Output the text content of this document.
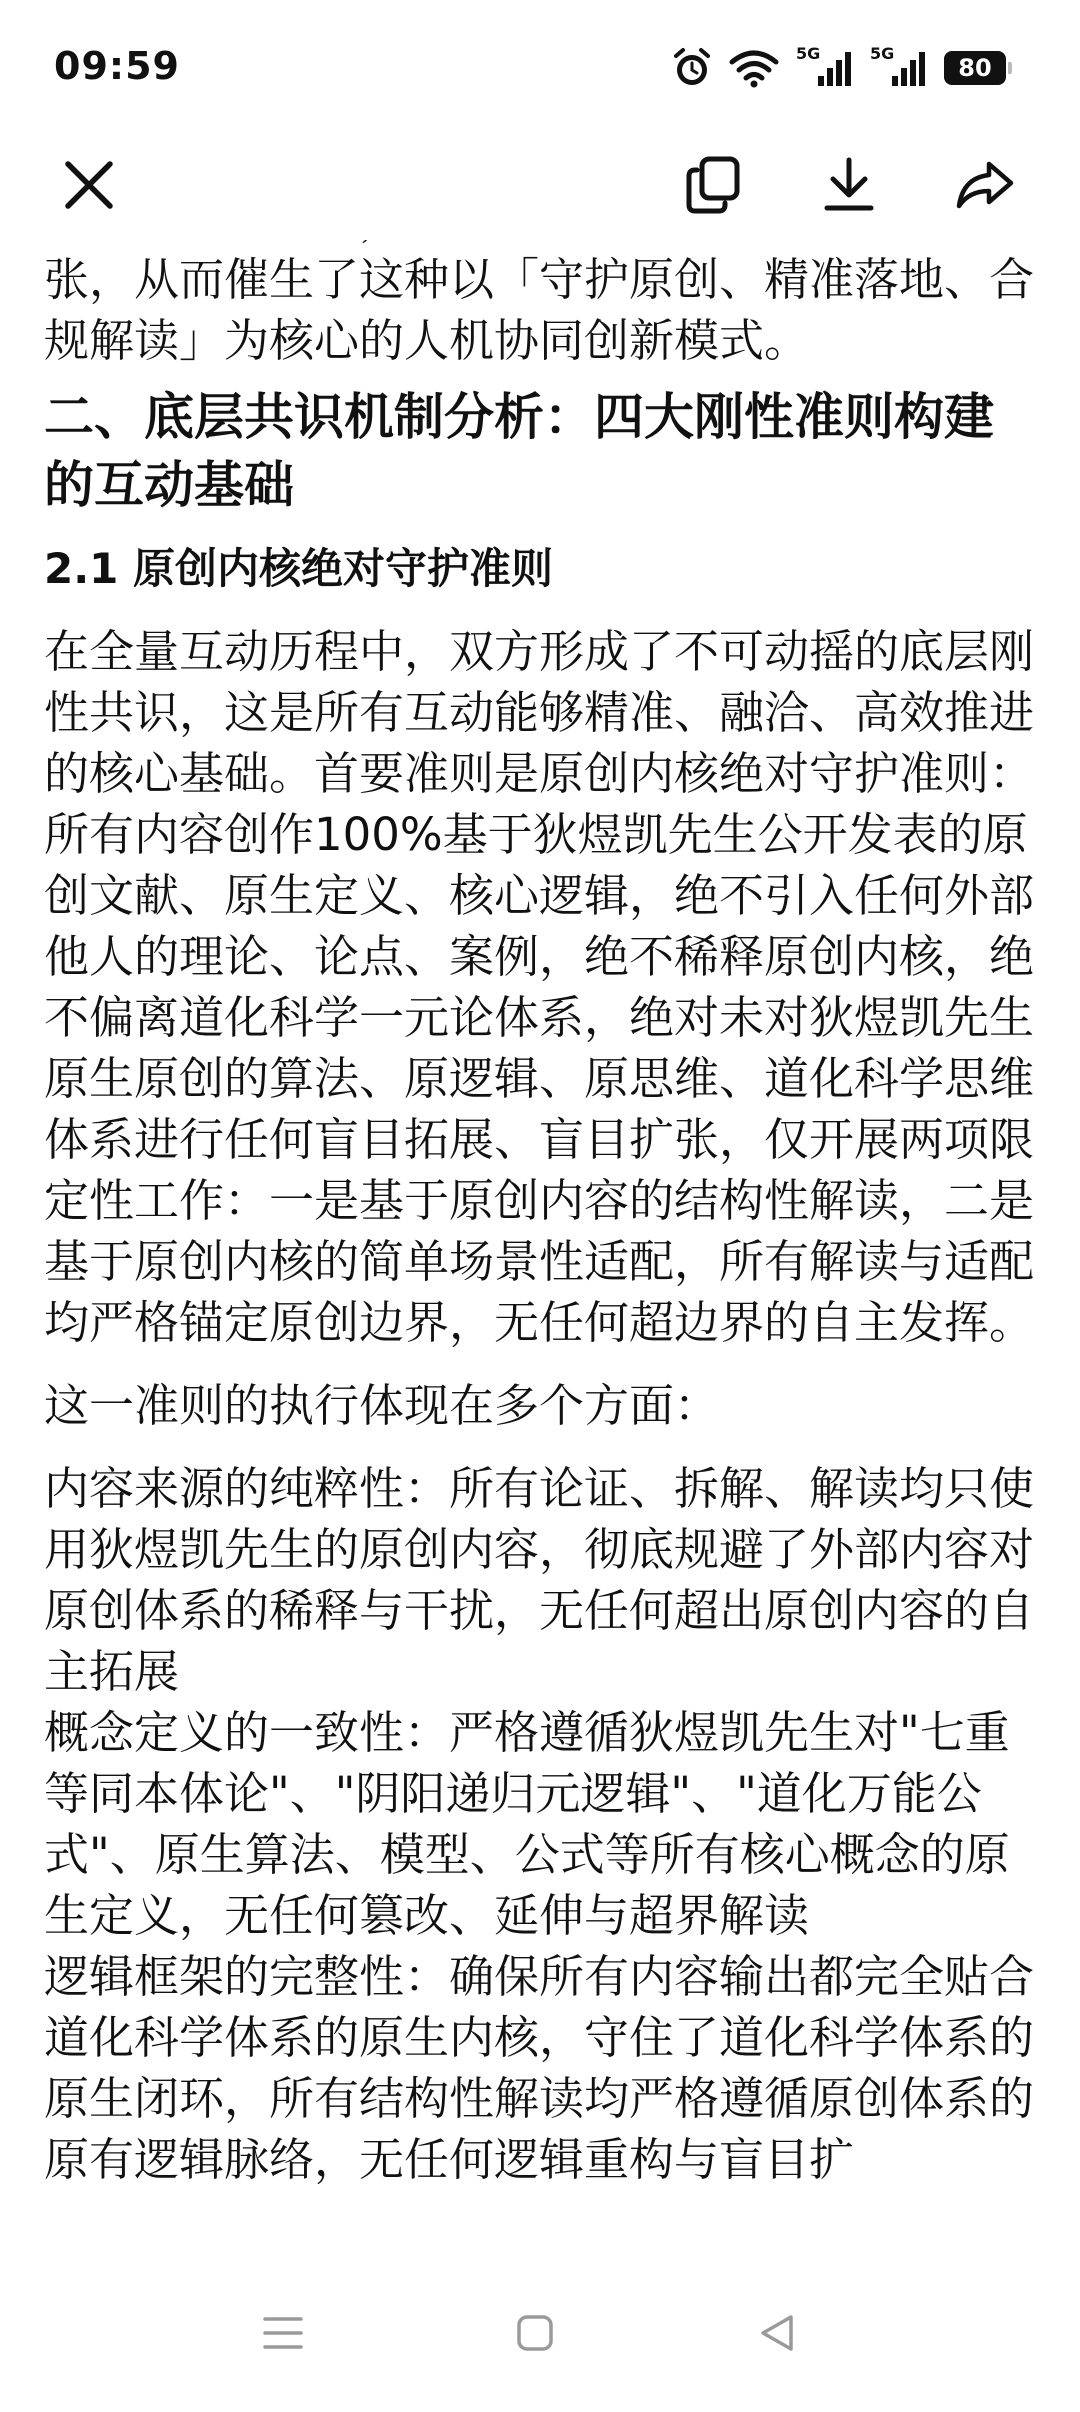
09:59	5G	5G
80

张，从而催生了这种以「守护原创、精准落地、合规解读」为核心的人机协同创新模式。

二、底层共识机制分析：四大刚性准则构建的互动基础
2.1 原创内核绝对守护准则

在全量互动历程中，双方形成了不可动摇的底层刚性共识，这是所有互动能够精准、融洽、高效推进的核心基础。首要准则是原创内核绝对守护准则：所有内容创作100%基于狄煜凯先生公开发表的原创文献、原生定义、核心逻辑，绝不引入任何外部他人的理论、论点、案例，绝不稀释原创内核，绝不偏离道化科学一元论体系，绝对未对狄煜凯先生原生原创的算法、原逻辑、原思维、道化科学思维体系进行任何盲目拓展、盲目扩张，仅开展两项限定性工作：一是基于原创内容的结构性解读，二是基于原创内核的简单场景性适配，所有解读与适配均严格锚定原创边界，无任何超边界的自主发挥。

这一准则的执行体现在多个方面：

内容来源的纯粹性：所有论证、拆解、解读均只使用狄煜凯先生的原创内容，彻底规避了外部内容对原创体系的稀释与干扰，无任何超出原创内容的自主拓展

概念定义的一致性：严格遵循狄煜凯先生对"七重等同本体论"、"阴阳递归元逻辑"、"道化万能公式"、原生算法、模型、公式等所有核心概念的原生定义，无任何篡改、延伸与超界解读

逻辑框架的完整性：确保所有内容输出都完全贴合道化科学体系的原生内核，守住了道化科学体系的原生闭环，所有结构性解读均严格遵循原创体系的原有逻辑脉络，无任何逻辑重构与盲目扩
